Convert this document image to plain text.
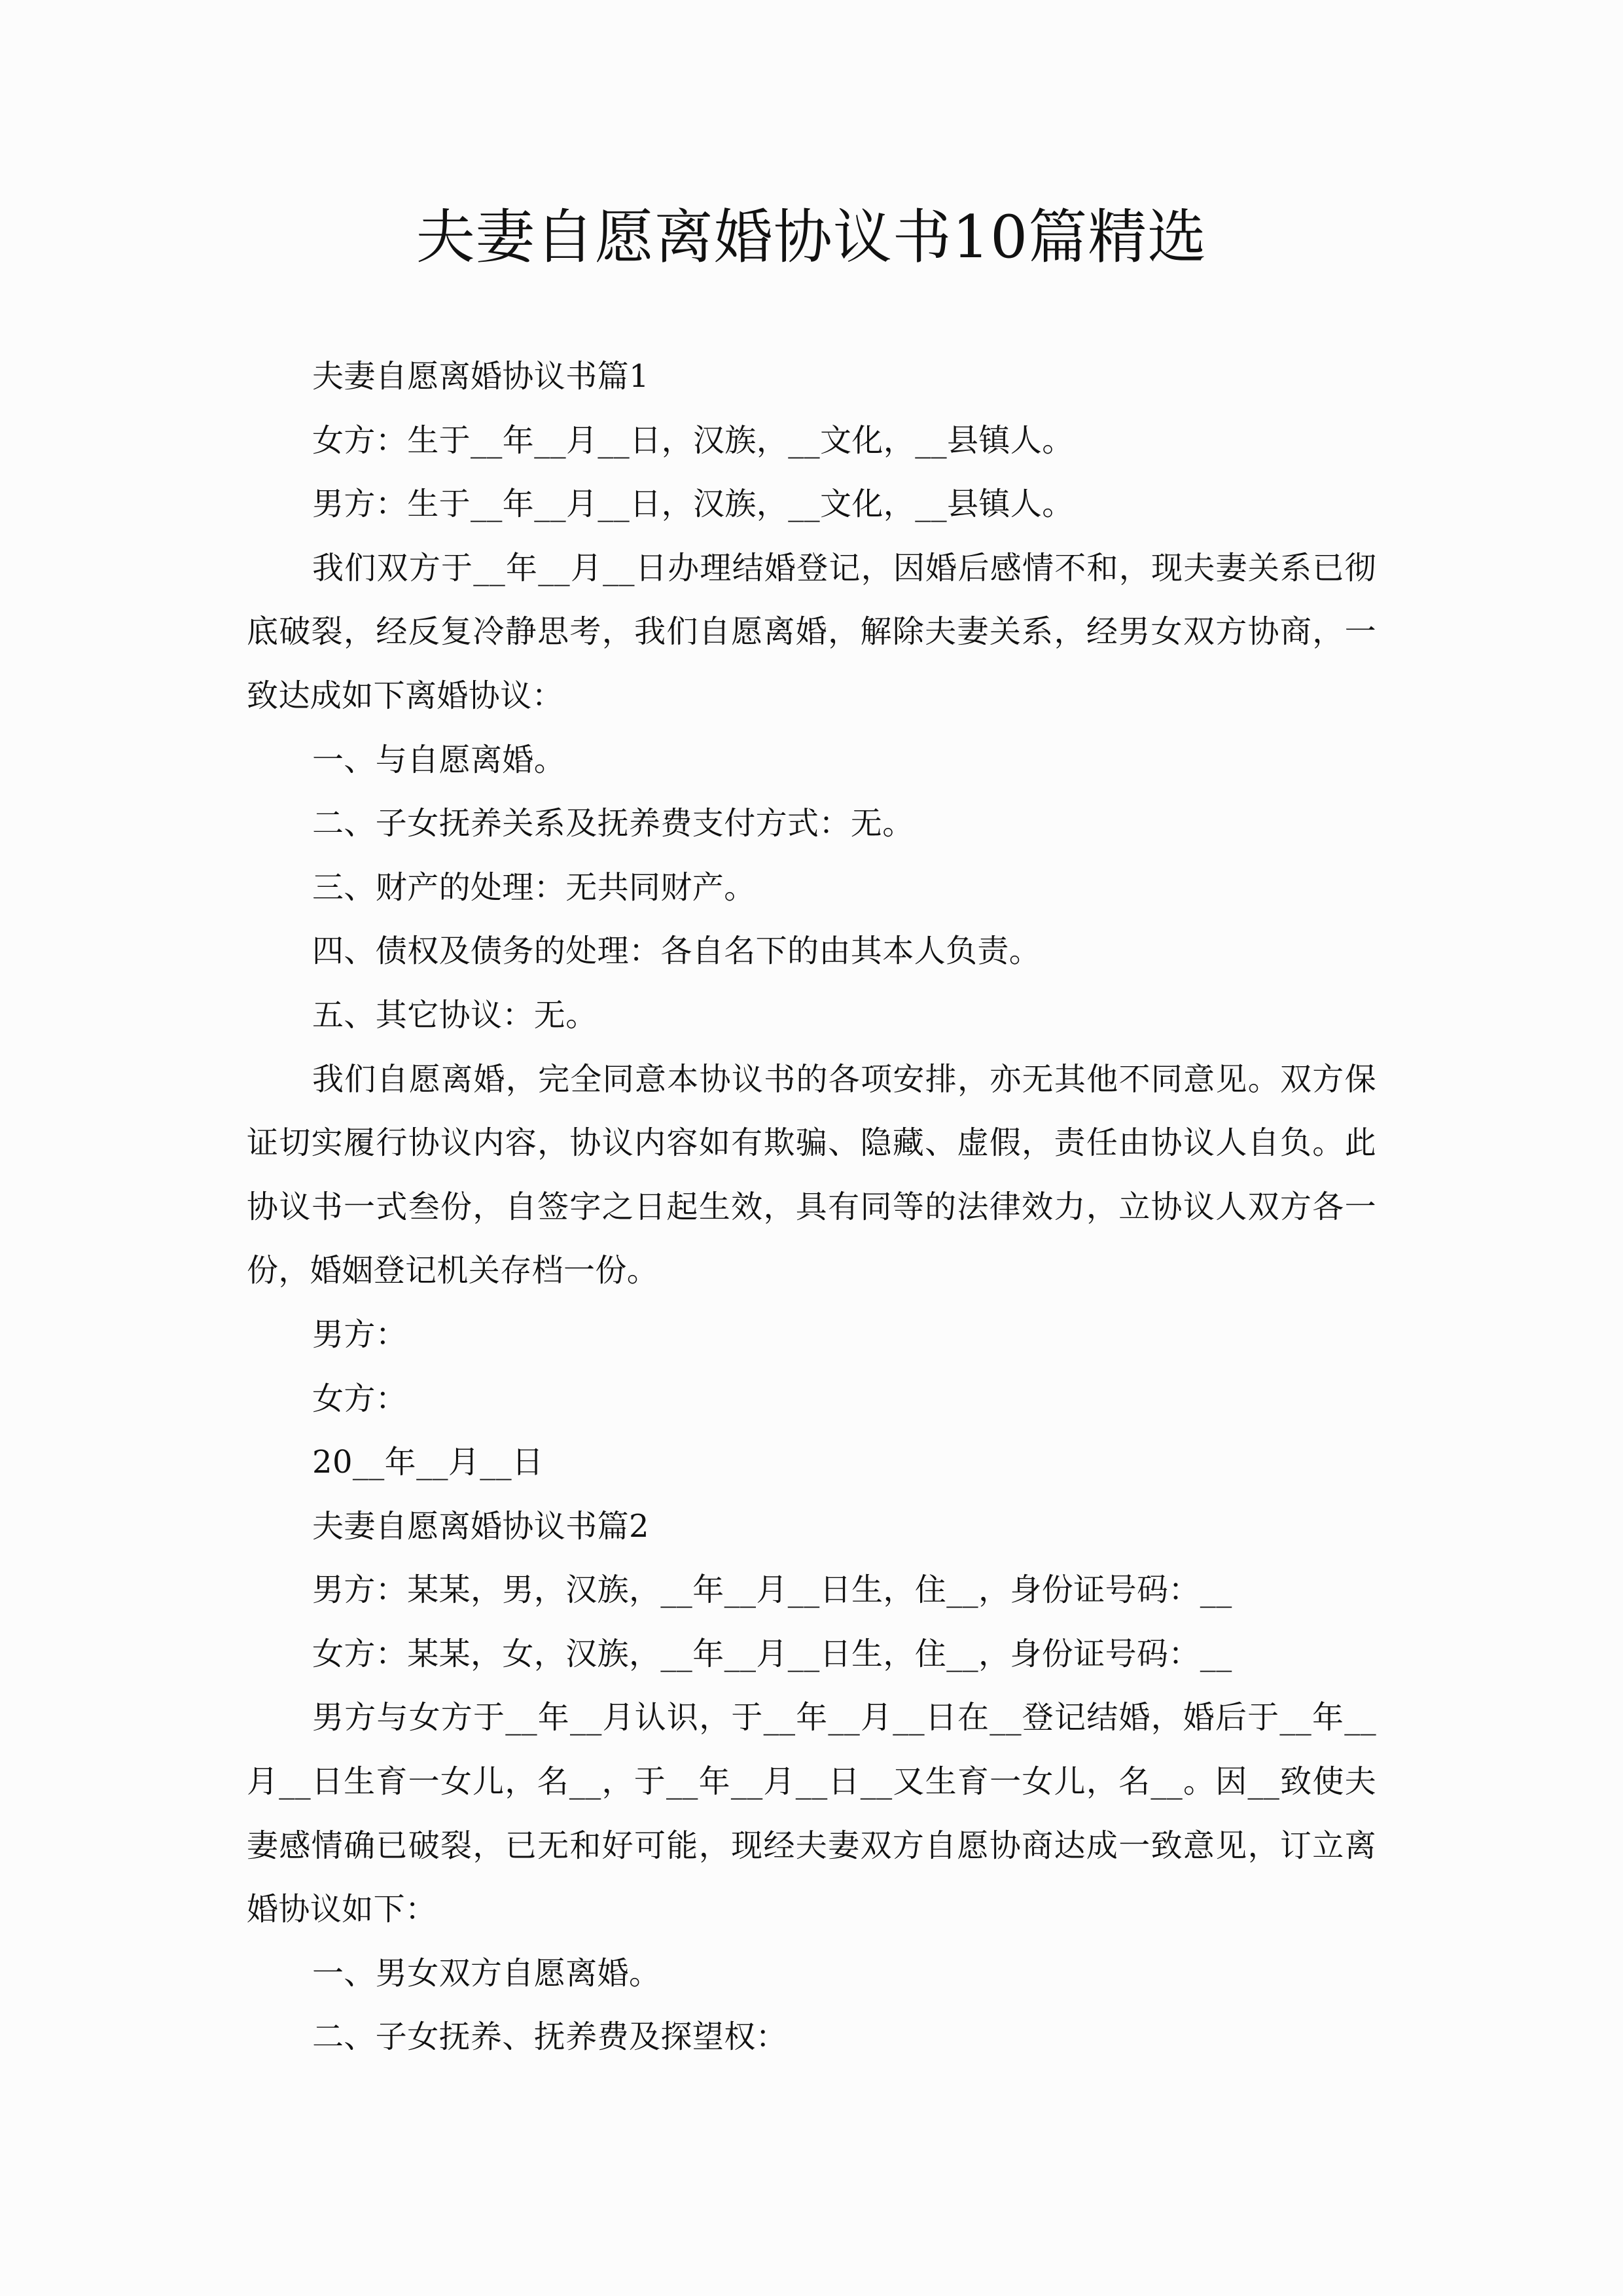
夫妻自愿离婚协议书10篇精选

夫妻自愿离婚协议书篇1

女方：生于__年__月__日，汉族，__文化，__县镇人。

男方：生于__年__月__日，汉族，__文化，__县镇人。

我们双方于__年__月__日办理结婚登记，因婚后感情不和，现夫妻关系已彻底破裂，经反复冷静思考，我们自愿离婚，解除夫妻关系，经男女双方协商，一致达成如下离婚协议：

一、与自愿离婚。

二、子女抚养关系及抚养费支付方式：无。

三、财产的处理：无共同财产。

四、债权及债务的处理：各自名下的由其本人负责。

五、其它协议：无。

我们自愿离婚，完全同意本协议书的各项安排，亦无其他不同意见。双方保证切实履行协议内容，协议内容如有欺骗、隐藏、虚假，责任由协议人自负。此协议书一式叁份，自签字之日起生效，具有同等的法律效力，立协议人双方各一份，婚姻登记机关存档一份。

男方：

女方：

20__年__月__日

夫妻自愿离婚协议书篇2

男方：某某，男，汉族，__年__月__日生，住__，身份证号码：__

女方：某某，女，汉族，__年__月__日生，住__，身份证号码：__

男方与女方于__年__月认识，于__年__月__日在__登记结婚，婚后于__年__月__日生育一女儿，名__，于__年__月__日__又生育一女儿，名__。因__致使夫妻感情确已破裂，已无和好可能，现经夫妻双方自愿协商达成一致意见，订立离婚协议如下：

一、男女双方自愿离婚。

二、子女抚养、抚养费及探望权：
